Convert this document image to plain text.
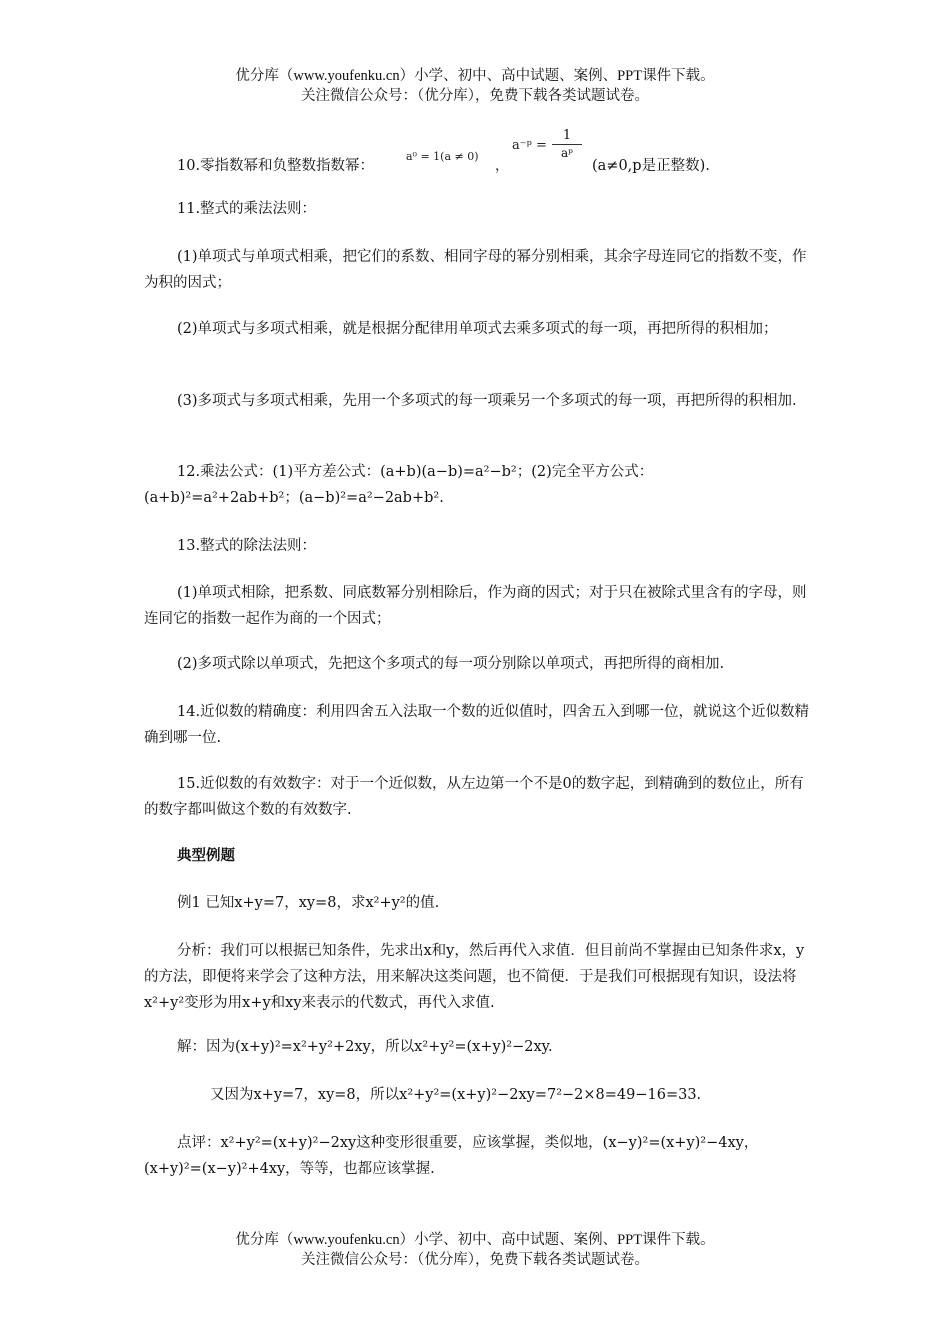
优分库（www.youfenku.cn）小学、初中、高中试题、案例、PPT课件下载。
关注微信公众号：（优分库），免费下载各类试题试卷。
10.零指数幂和负整数指数幂：
a⁰ = 1(a ≠ 0)
，
a⁻ᵖ = $\frac{1}{\text{aᵖ}}$
(a≠0,p是正整数).
11.整式的乘法法则：
(1)单项式与单项式相乘，把它们的系数、相同字母的幂分别相乘，其余字母连同它的指数不变，作为积的因式；
(2)单项式与多项式相乘，就是根据分配律用单项式去乘多项式的每一项，再把所得的积相加；
(3)多项式与多项式相乘，先用一个多项式的每一项乘另一个多项式的每一项，再把所得的积相加.
12.乘法公式：(1)平方差公式：(a+b)(a−b)=a²−b²；(2)完全平方公式：
(a+b)²=a²+2ab+b²；(a−b)²=a²−2ab+b².
13.整式的除法法则：
(1)单项式相除，把系数、同底数幂分别相除后，作为商的因式；对于只在被除式里含有的字母，则连同它的指数一起作为商的一个因式；
(2)多项式除以单项式，先把这个多项式的每一项分别除以单项式，再把所得的商相加.
14.近似数的精确度：利用四舍五入法取一个数的近似值时，四舍五入到哪一位，就说这个近似数精确到哪一位.
15.近似数的有效数字：对于一个近似数，从左边第一个不是0的数字起，到精确到的数位止，所有的数字都叫做这个数的有效数字.
典型例题
例1 已知x+y=7，xy=8，求x²+y²的值.
分析：我们可以根据已知条件，先求出x和y，然后再代入求值．但目前尚不掌握由已知条件求x，y的方法，即便将来学会了这种方法，用来解决这类问题，也不简便．于是我们可根据现有知识，设法将x²+y²变形为用x+y和xy来表示的代数式，再代入求值.
解：因为(x+y)²=x²+y²+2xy，所以x²+y²=(x+y)²−2xy.
又因为x+y=7，xy=8，所以x²+y²=(x+y)²−2xy=7²−2×8=49−16=33.
点评：x²+y²=(x+y)²−2xy这种变形很重要，应该掌握，类似地，(x−y)²=(x+y)²−4xy，(x+y)²=(x−y)²+4xy，等等，也都应该掌握.
优分库（www.youfenku.cn）小学、初中、高中试题、案例、PPT课件下载。
关注微信公众号：（优分库），免费下载各类试题试卷。
